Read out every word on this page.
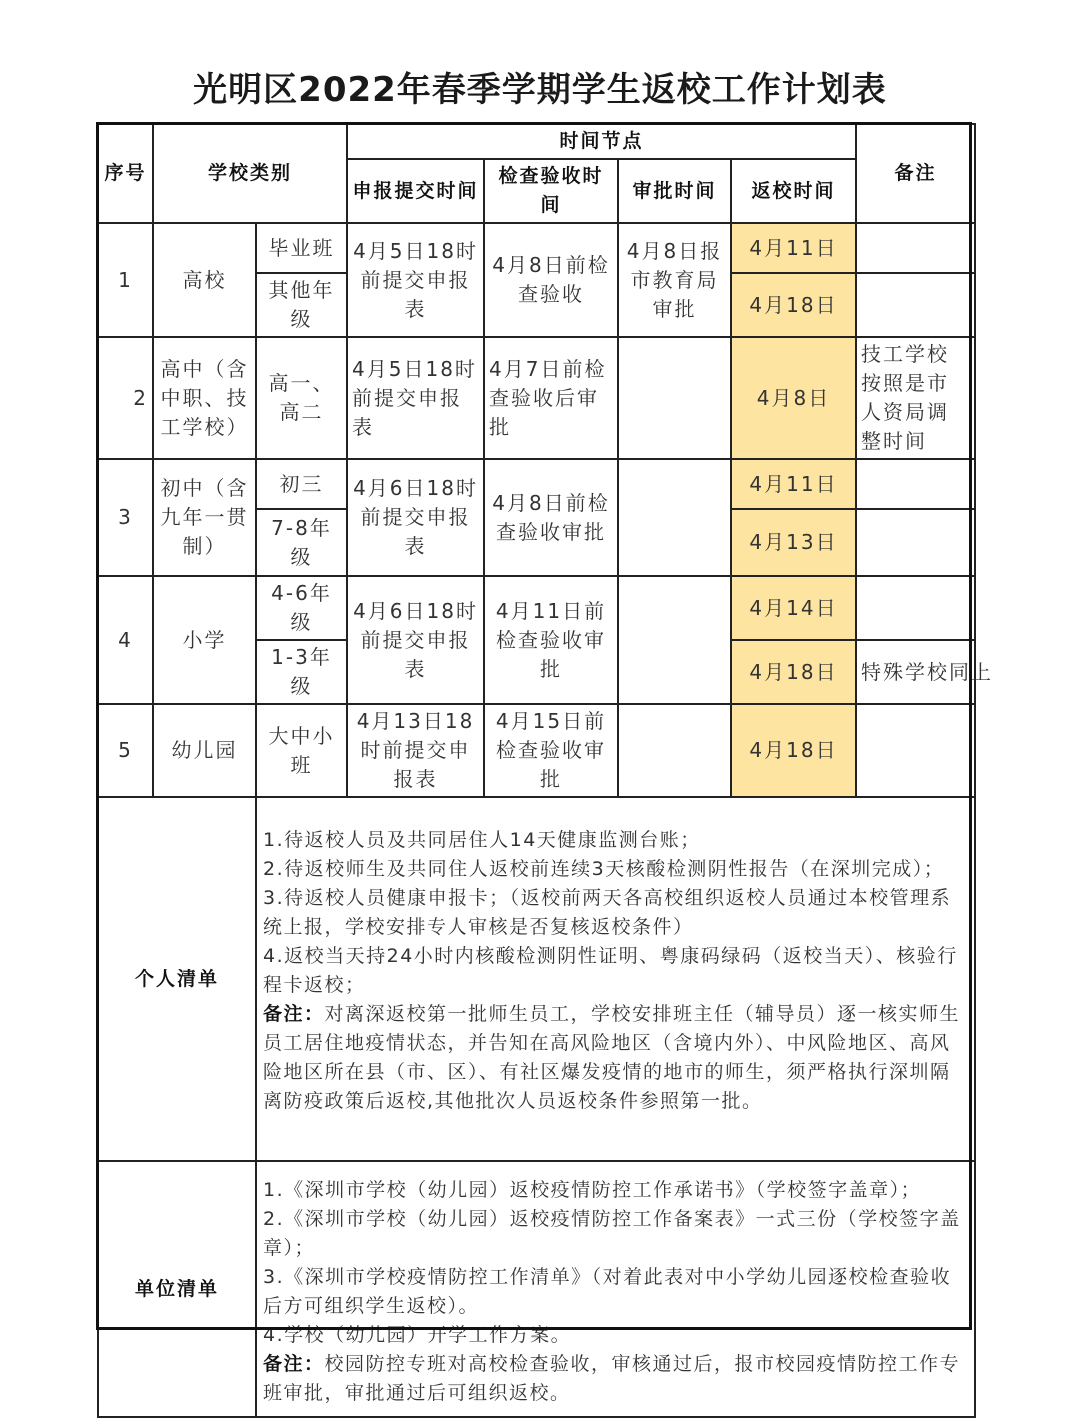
光明区2022年春季学期学生返校工作计划表
序号	学校类别		时间节点				备注
			申报提交时间	检查验收时间	审批时间	返校时间	
1	高校	毕业班	4月5日18时前提交申报表	4月8日前检查验收	4月8日报市教育局审批	4月11日	
		其他年级				4月18日	
2	高中（含中职、技工学校）	高一、高二	4月5日18时前提交申报表	4月7日前检查验收后审批		4月8日	技工学校按照是市人资局调整时间
3	初中（含九年一贯制）	初三	4月6日18时前提交申报表	4月8日前检查验收审批		4月11日	
		7-8年级				4月13日	
4	小学	4-6年级	4月6日18时前提交申报表	4月11日前检查验收审批		4月14日	
		1-3年级				4月18日	特殊学校同上
5	幼儿园	大中小班	4月13日18时前提交申报表	4月15日前检查验收审批		4月18日	
个人清单		1.待返校人员及共同居住人14天健康监测台账；

2.待返校师生及共同住人返校前连续3天核酸检测阴性报告（在深圳完成）；

3.待返校人员健康申报卡；（返校前两天各高校组织返校人员通过本校管理系统上报，学校安排专人审核是否复核返校条件）

4.返校当天持24小时内核酸检测阴性证明、粤康码绿码（返校当天）、核验行程卡返校；

备注：对离深返校第一批师生员工，学校安排班主任（辅导员）逐一核实师生员工居住地疫情状态，并告知在高风险地区（含境内外）、中风险地区、高风险地区所在县（市、区）、有社区爆发疫情的地市的师生，须严格执行深圳隔离防疫政策后返校,其他批次人员返校条件参照第一批。					

单位清单		1.《深圳市学校（幼儿园）返校疫情防控工作承诺书》（学校签字盖章）；

2.《深圳市学校（幼儿园）返校疫情防控工作备案表》一式三份（学校签字盖章）；

3.《深圳市学校疫情防控工作清单》（对着此表对中小学幼儿园逐校检查验收后方可组织学生返校）。

4.学校（幼儿园）开学工作方案。

备注：校园防控专班对高校检查验收，审核通过后，报市校园疫情防控工作专班审批，审批通过后可组织返校。					
